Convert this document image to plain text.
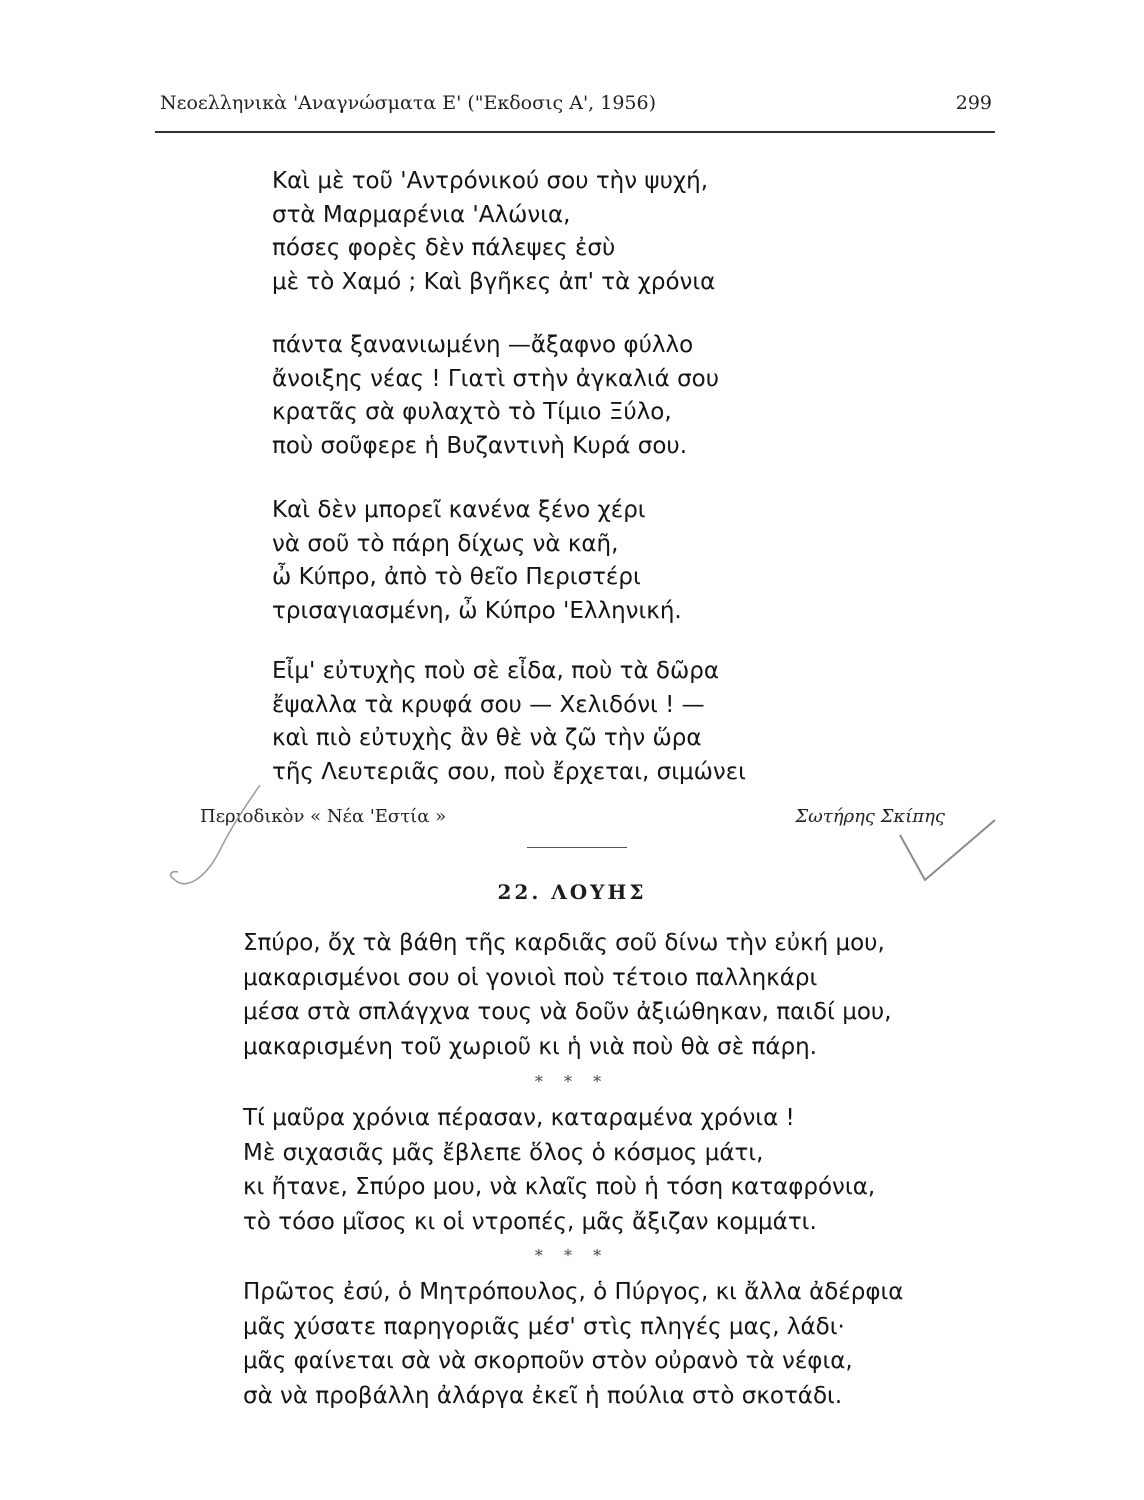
Νεοελληνικὰ 'Αναγνώσματα Ε' ("Εκδοσις Α', 1956)	299
Καὶ μὲ τοῦ 'Αντρόνικού σου τὴν ψυχή,
στὰ Μαρμαρένια 'Αλώνια,
πόσες φορὲς δὲν πάλεψες ἐσὺ
μὲ τὸ Χαμό ; Καὶ βγῆκες ἀπ' τὰ χρόνια
πάντα ξανανιωμένη —ἄξαφνο φύλλο
ἄνοιξης νέας ! Γιατὶ στὴν ἀγκαλιά σου
κρατᾶς σὰ φυλαχτὸ τὸ Τίμιο Ξύλο,
ποὺ σοῦφερε ἡ Βυζαντινὴ Κυρά σου.
Καὶ δὲν μπορεῖ κανένα ξένο χέρι
νὰ σοῦ τὸ πάρη δίχως νὰ καῆ,
ὦ Κύπρο, ἀπὸ τὸ θεῖο Περιστέρι
τρισαγιασμένη, ὦ Κύπρο 'Ελληνική.
Εἶμ' εὐτυχὴς ποὺ σὲ εἶδα, ποὺ τὰ δῶρα
ἔψαλλα τὰ κρυφά σου — Χελιδόνι ! —
καὶ πιὸ εὐτυχὴς ἂν θὲ νὰ ζῶ τὴν ὥρα
τῆς Λευτεριᾶς σου, ποὺ ἔρχεται, σιμώνει
Περιοδικὸν « Νέα 'Εστία »	Σωτήρης Σκίπης
22. ΛΟΥΗΣ
Σπύρο, ὄχ τὰ βάθη τῆς καρδιᾶς σοῦ δίνω τὴν εὐκή μου,
μακαρισμένοι σου οἱ γονιοὶ ποὺ τέτοιο παλληκάρι
μέσα στὰ σπλάγχνα τους νὰ δοῦν ἀξιώθηκαν, παιδί μου,
μακαρισμένη τοῦ χωριοῦ κι ἡ νιὰ ποὺ θὰ σὲ πάρη.
* * *
Τί μαῦρα χρόνια πέρασαν, καταραμένα χρόνια !
Μὲ σιχασιᾶς μᾶς ἔβλεπε ὅλος ὁ κόσμος μάτι,
κι ἤτανε, Σπύρο μου, νὰ κλαῖς ποὺ ἡ τόση καταφρόνια,
τὸ τόσο μῖσος κι οἱ ντροπές, μᾶς ἄξιζαν κομμάτι.
* * *
Πρῶτος ἐσύ, ὁ Μητρόπουλος, ὁ Πύργος, κι ἄλλα ἀδέρφια
μᾶς χύσατε παρηγοριᾶς μέσ' στὶς πληγές μας, λάδι·
μᾶς φαίνεται σὰ νὰ σκορποῦν στὸν οὐρανὸ τὰ νέφια,
σὰ νὰ προβάλλη ἀλάργα ἐκεῖ ἡ πούλια στὸ σκοτάδι.
